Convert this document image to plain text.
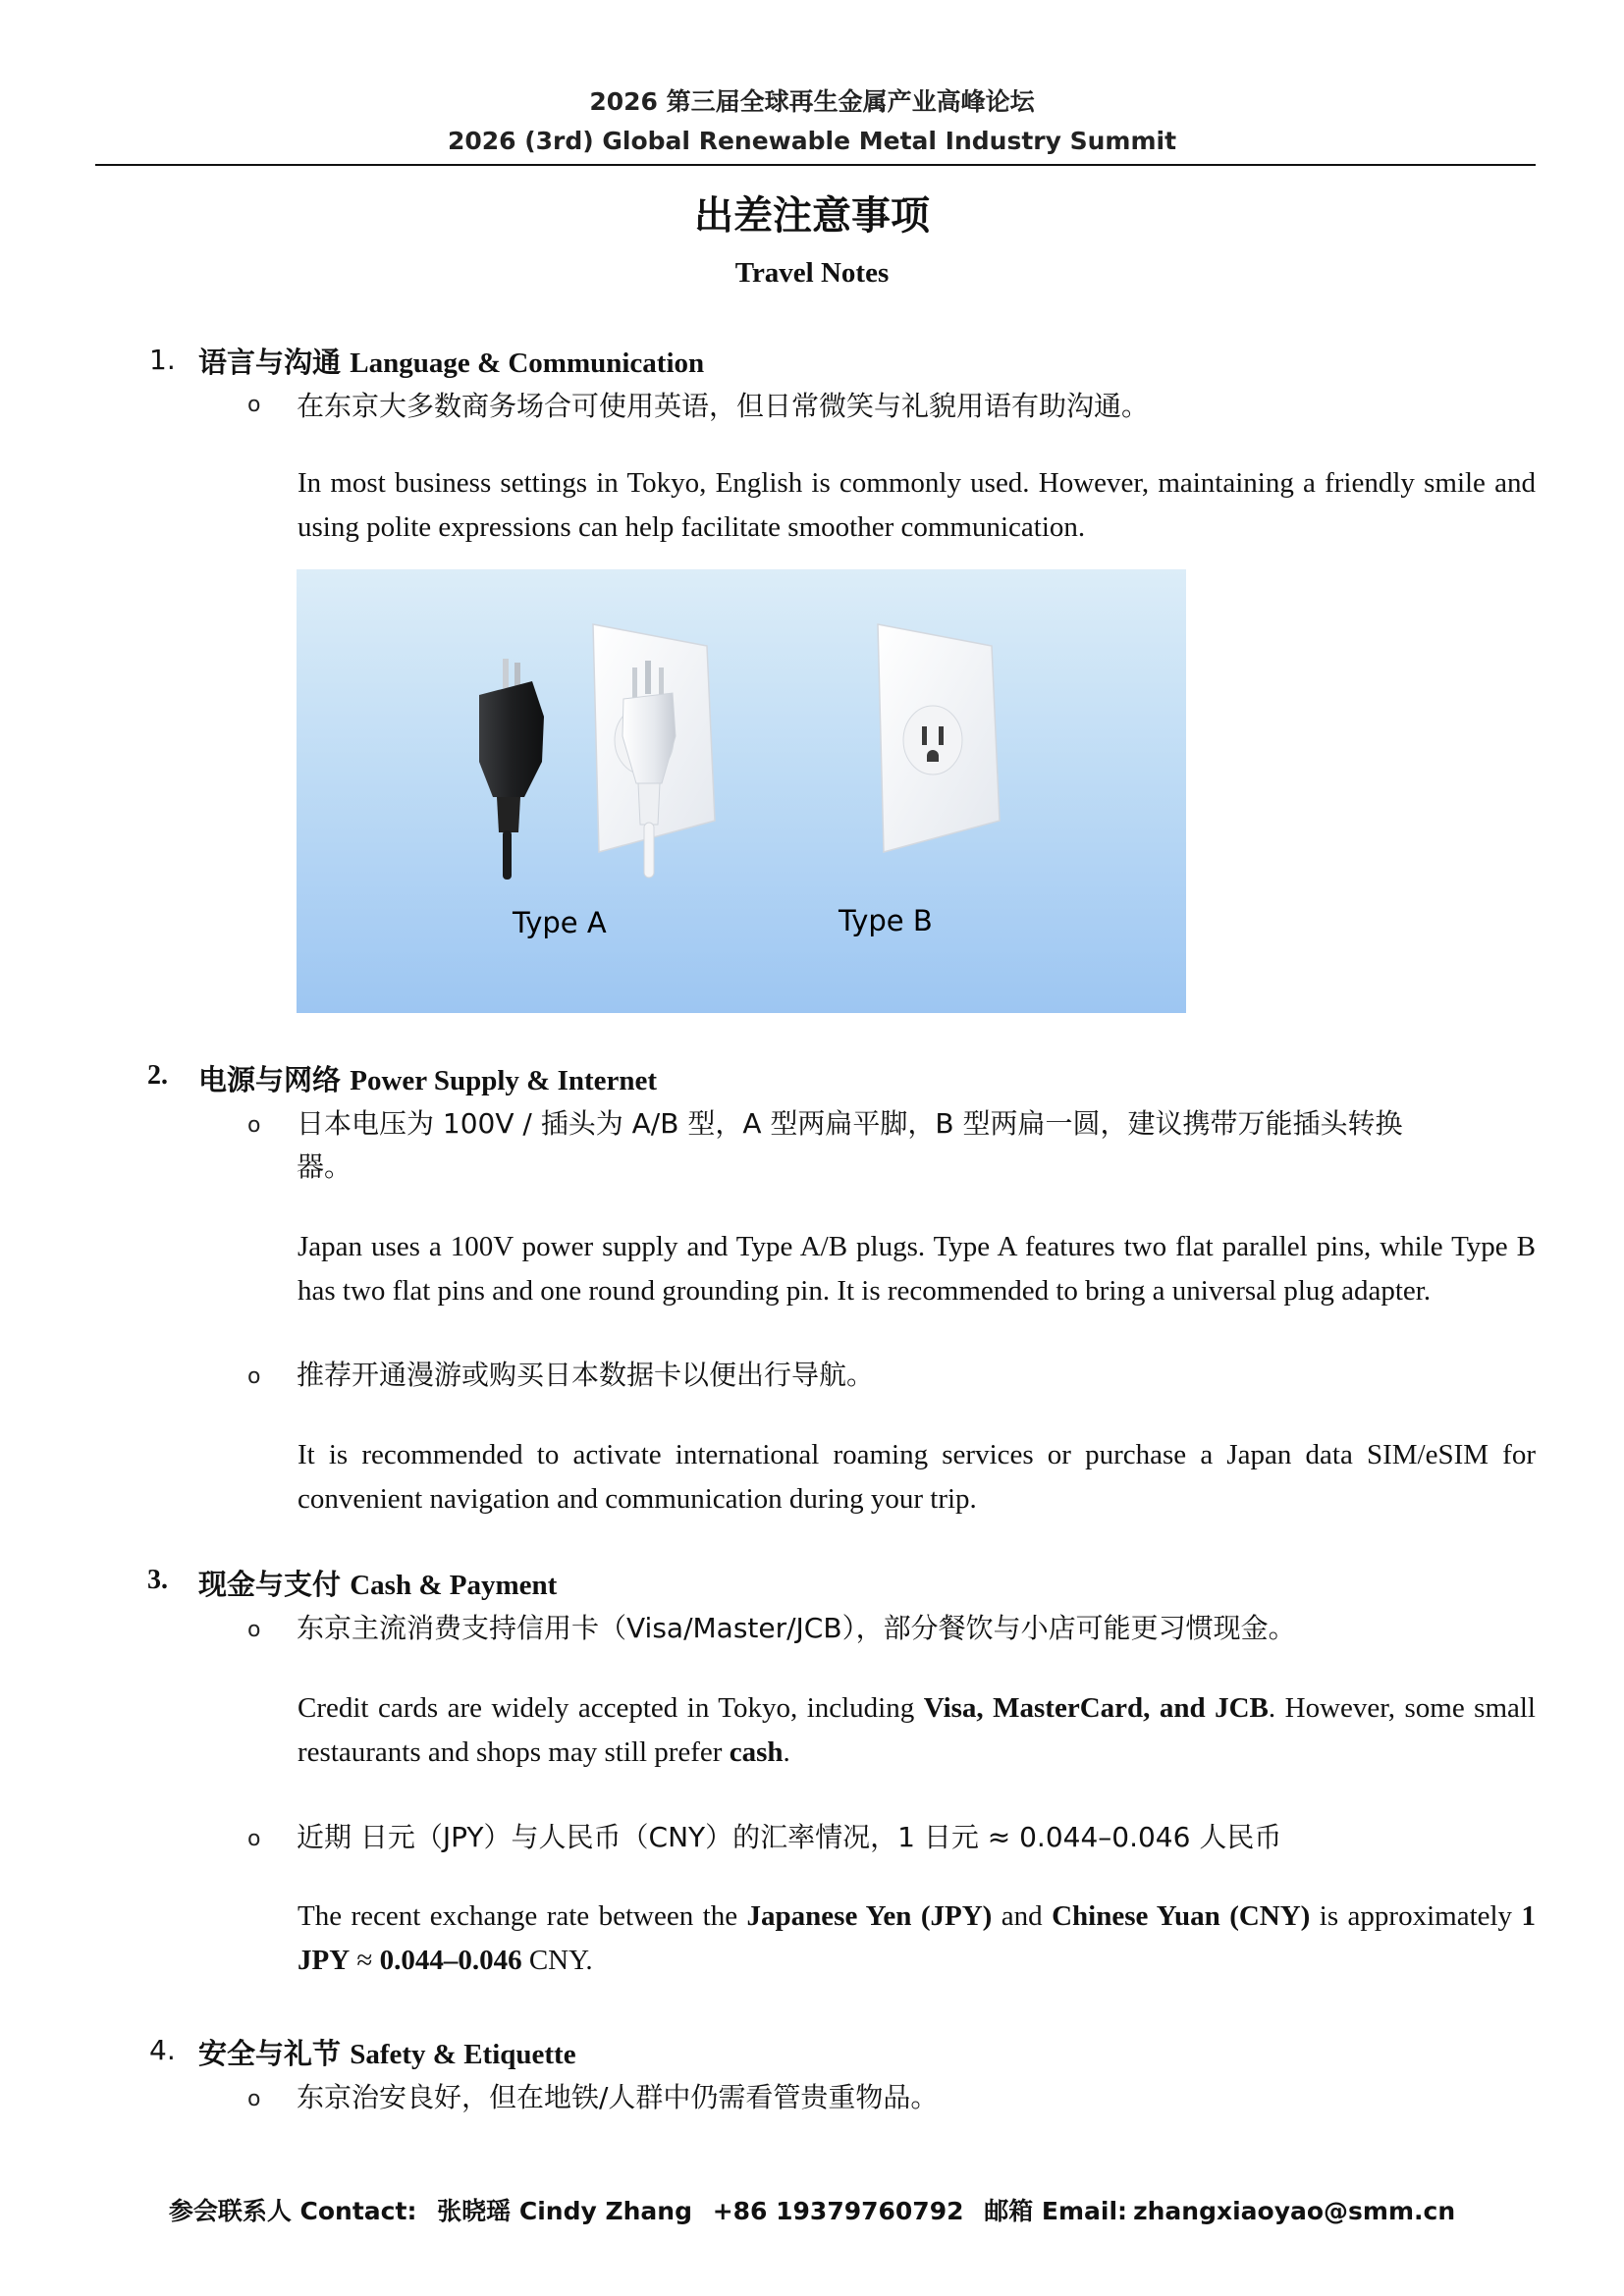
2026 第三届全球再生金属产业高峰论坛
2026 (3rd) Global Renewable Metal Industry Summit
出差注意事项
Travel Notes
1. 语言与沟通 Language & Communication
o 在东京大多数商务场合可使用英语，但日常微笑与礼貌用语有助沟通。
In most business settings in Tokyo, English is commonly used. However, maintaining a friendly smile and using polite expressions can help facilitate smoother communication.
Type A	Type B
2. 电源与网络 Power Supply & Internet
o 日本电压为 100V / 插头为 A/B 型，A 型两扁平脚，B 型两扁一圆，建议携带万能插头转换
器。
Japan uses a 100V power supply and Type A/B plugs. Type A features two flat parallel pins, while Type B has two flat pins and one round grounding pin. It is recommended to bring a universal plug adapter.
o 推荐开通漫游或购买日本数据卡以便出行导航。
It is recommended to activate international roaming services or purchase a Japan data SIM/eSIM for convenient navigation and communication during your trip.
3. 现金与支付 Cash & Payment
o 东京主流消费支持信用卡（Visa/Master/JCB），部分餐饮与小店可能更习惯现金。
Credit cards are widely accepted in Tokyo, including Visa, MasterCard, and JCB. However, some small restaurants and shops may still prefer cash.
o 近期 日元（JPY）与人民币（CNY）的汇率情况，1 日元 ≈ 0.044–0.046 人民币
The recent exchange rate between the Japanese Yen (JPY) and Chinese Yuan (CNY) is approximately 1 JPY ≈ 0.044–0.046 CNY.
4. 安全与礼节 Safety & Etiquette
o 东京治安良好，但在地铁/人群中仍需看管贵重物品。
参会联系人 Contact: 张晓瑶 Cindy Zhang +86 19379760792 邮箱 Email: zhangxiaoyao@smm.cn
